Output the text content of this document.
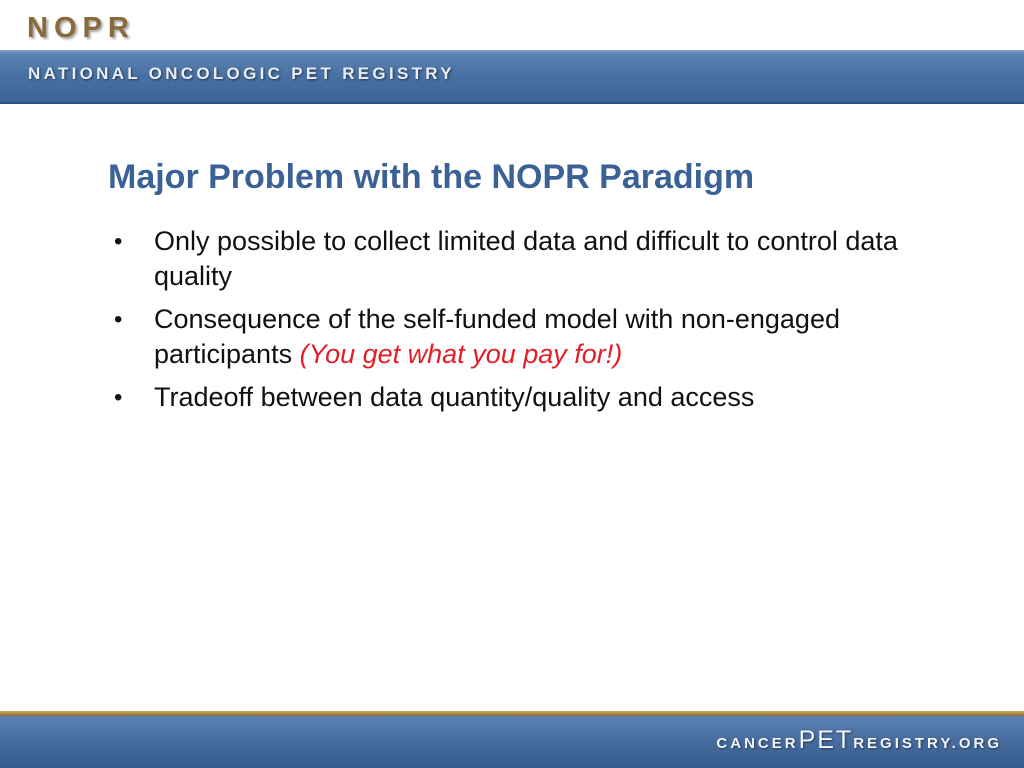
NOPR
NATIONAL ONCOLOGIC PET REGISTRY
Major Problem with the NOPR Paradigm
• Only possible to collect limited data and difficult to control data quality
• Consequence of the self-funded model with non-engaged participants (You get what you pay for!)
• Tradeoff between data quantity/quality and access
CANCERPETREGISTRY.ORG
